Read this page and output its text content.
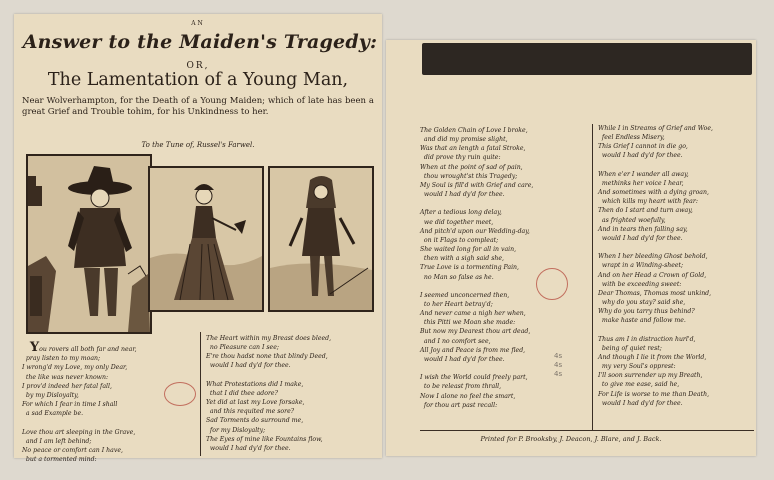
AN
Answer to the Maiden's Tragedy:
OR,
The Lamentation of a Young Man,
Near Wolverhampton, for the Death of a Young Maiden; which of late has been a great Grief and Trouble tohim, for his Unkindness to her.
To the Tune of, Russel's Farwel.

You rovers all both far and near,
pray listen to my moan;
I wrong'd my Love, my only Dear,
the like was never known:
I prov'd indeed her fatal fall,
by my Disloyalty,
For which I fear in time I shall
a sad Example be.

Love thou art sleeping in the Grave,
and I am left behind;
No peace or comfort can I have,
but a tormented mind:

The Heart within my Breast does bleed,
no Pleasure can I see;
E're thou hadst none that blindy Deed,
would I had dy'd for thee.

What Protestations did I make,
that I did thee adore?
Yet did at last my Love forsake,
and this requited me sore?
Sad Torments do surround me,
for my Disloyalty;
The Eyes of mine like Fountains flow,
would I had dy'd for thee.
The Golden Chain of Love I broke,
and did my promise slight,
Was that an length a fatal Stroke,
did prove thy ruin quite:
When at the point of sad of pain,
thou wrought'st this Tragedy;
My Soul is fill'd with Grief and care,
would I had dy'd for thee.

After a tedious long delay,
we did together meet,
And pitch'd upon our Wedding-day,
on it Flags to compleat;
She waited long for all in vain,
then with a sigh said she,
True Love is a tormenting Pain,
no Man so false as he.

I seemed unconcerned then,
to her Heart betray'd;
And never came a nigh her when,
this Pitti we Moan she made:
But now my Dearest thou art dead,
and I no comfort see,
All Joy and Peace is from me fled,
would I had dy'd for thee.

I wish the World could freely part,
to be releast from thrall,
Now I alone no feel the smart,
for thou art past recall:
While I in Streams of Grief and Woe,
feel Endless Misery,
This Grief I cannot in die go,
would I had dy'd for thee.

When e'er I wander all away,
methinks her voice I hear,
And sometimes with a dying groan,
which kills my heart with fear:
Then do I start and turn away,
as frighted woefully,
And in tears then falling say,
would I had dy'd for thee.

When I her bleeding Ghost behold,
wrapt in a Winding-sheet;
And on her Head a Crown of Gold,
with be exceeding sweet:
Dear Thomas, Thomas most unkind,
why do you stay? said she,
Why do you tarry thus behind?
make haste and follow me.

Thus am I in distraction hurl'd,
being of quiet rest;
And though I lie it from the World,
my very Soul's opprest:
I'll soon surrender up my Breath,
to give me ease, said he,
For Life is worse to me than Death,
would I had dy'd for thee.
4s
4s
4s
Printed for P. Brooksby, J. Deacon, J. Blare, and J. Back.
